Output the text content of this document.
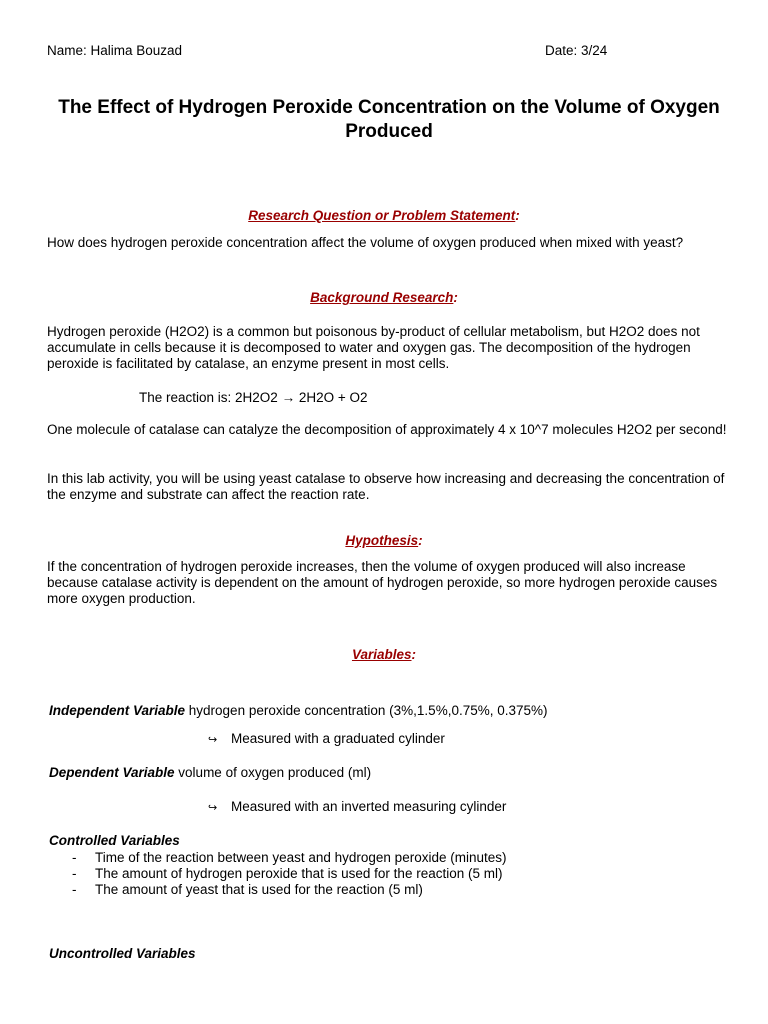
Name: Halima Bouzad	Date: 3/24
The Effect of Hydrogen Peroxide Concentration on the Volume of Oxygen Produced
Research Question or Problem Statement:
How does hydrogen peroxide concentration affect the volume of oxygen produced when mixed with yeast?
Background Research:
Hydrogen peroxide (H2O2) is a common but poisonous by-product of cellular metabolism, but H2O2 does not accumulate in cells because it is decomposed to water and oxygen gas. The decomposition of the hydrogen peroxide is facilitated by catalase, an enzyme present in most cells.
The reaction is: 2H2O2 → 2H2O + O2
One molecule of catalase can catalyze the decomposition of approximately 4 x 10^7 molecules H2O2 per second!
In this lab activity, you will be using yeast catalase to observe how increasing and decreasing the concentration of the enzyme and substrate can affect the reaction rate.
Hypothesis:
If the concentration of hydrogen peroxide increases, then the volume of oxygen produced will also increase because catalase activity is dependent on the amount of hydrogen peroxide, so more hydrogen peroxide causes more oxygen production.
Variables:
Independent Variable hydrogen peroxide concentration (3%,1.5%,0.75%, 0.375%)
↪ Measured with a graduated cylinder
Dependent Variable volume of oxygen produced (ml)
↪ Measured with an inverted measuring cylinder
Controlled Variables
- Time of the reaction between yeast and hydrogen peroxide (minutes)
- The amount of hydrogen peroxide that is used for the reaction (5 ml)
- The amount of yeast that is used for the reaction (5 ml)
Uncontrolled Variables
